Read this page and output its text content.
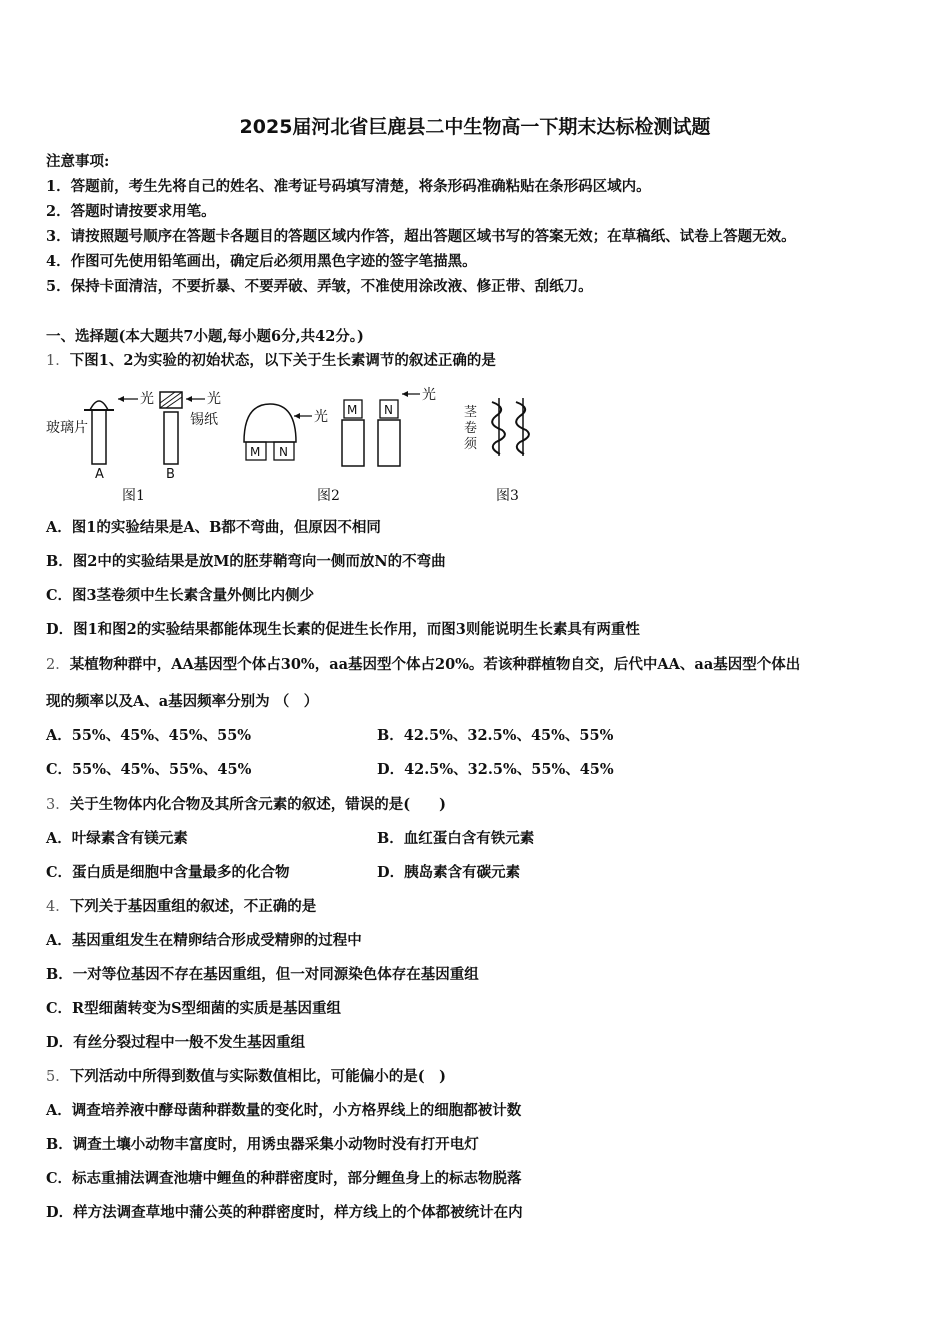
2025届河北省巨鹿县二中生物高一下期末达标检测试题
注意事项:
1．答题前，考生先将自己的姓名、准考证号码填写清楚，将条形码准确粘贴在条形码区域内。
2．答题时请按要求用笔。
3．请按照题号顺序在答题卡各题目的答题区域内作答，超出答题区域书写的答案无效；在草稿纸、试卷上答题无效。
4．作图可先使用铅笔画出，确定后必须用黑色字迹的签字笔描黑。
5．保持卡面清洁，不要折暴、不要弄破、弄皱，不准使用涂改液、修正带、刮纸刀。
一、选择题(本大题共7小题,每小题6分,共42分。)
1．下图1、2为实验的初始状态，以下关于生长素调节的叙述正确的是
光
玻璃片
A
光
锡纸
B
图1
M N
光 M N
光
图2
茎
卷
须
图3
A．图1的实验结果是A、B都不弯曲，但原因不相同
B．图2中的实验结果是放M的胚芽鞘弯向一侧而放N的不弯曲
C．图3茎卷须中生长素含量外侧比内侧少
D．图1和图2的实验结果都能体现生长素的促进生长作用，而图3则能说明生长素具有两重性
2．某植物种群中，AA基因型个体占30%，aa基因型个体占20%。若该种群植物自交，后代中AA、aa基因型个体出
现的频率以及A、a基因频率分别为 （　）
A．55%、45%、45%、55%	B．42.5%、32.5%、45%、55%
C．55%、45%、55%、45%	D．42.5%、32.5%、55%、45%
3．关于生物体内化合物及其所含元素的叙述，错误的是(　　)
A．叶绿素含有镁元素	B．血红蛋白含有铁元素
C．蛋白质是细胞中含量最多的化合物	D．胰岛素含有碳元素
4．下列关于基因重组的叙述，不正确的是
A．基因重组发生在精卵结合形成受精卵的过程中
B．一对等位基因不存在基因重组，但一对同源染色体存在基因重组
C．R型细菌转变为S型细菌的实质是基因重组
D．有丝分裂过程中一般不发生基因重组
5．下列活动中所得到数值与实际数值相比，可能偏小的是(　)
A．调查培养液中酵母菌种群数量的变化时，小方格界线上的细胞都被计数
B．调查土壤小动物丰富度时，用诱虫器采集小动物时没有打开电灯
C．标志重捕法调查池塘中鲤鱼的种群密度时，部分鲤鱼身上的标志物脱落
D．样方法调查草地中蒲公英的种群密度时，样方线上的个体都被统计在内
